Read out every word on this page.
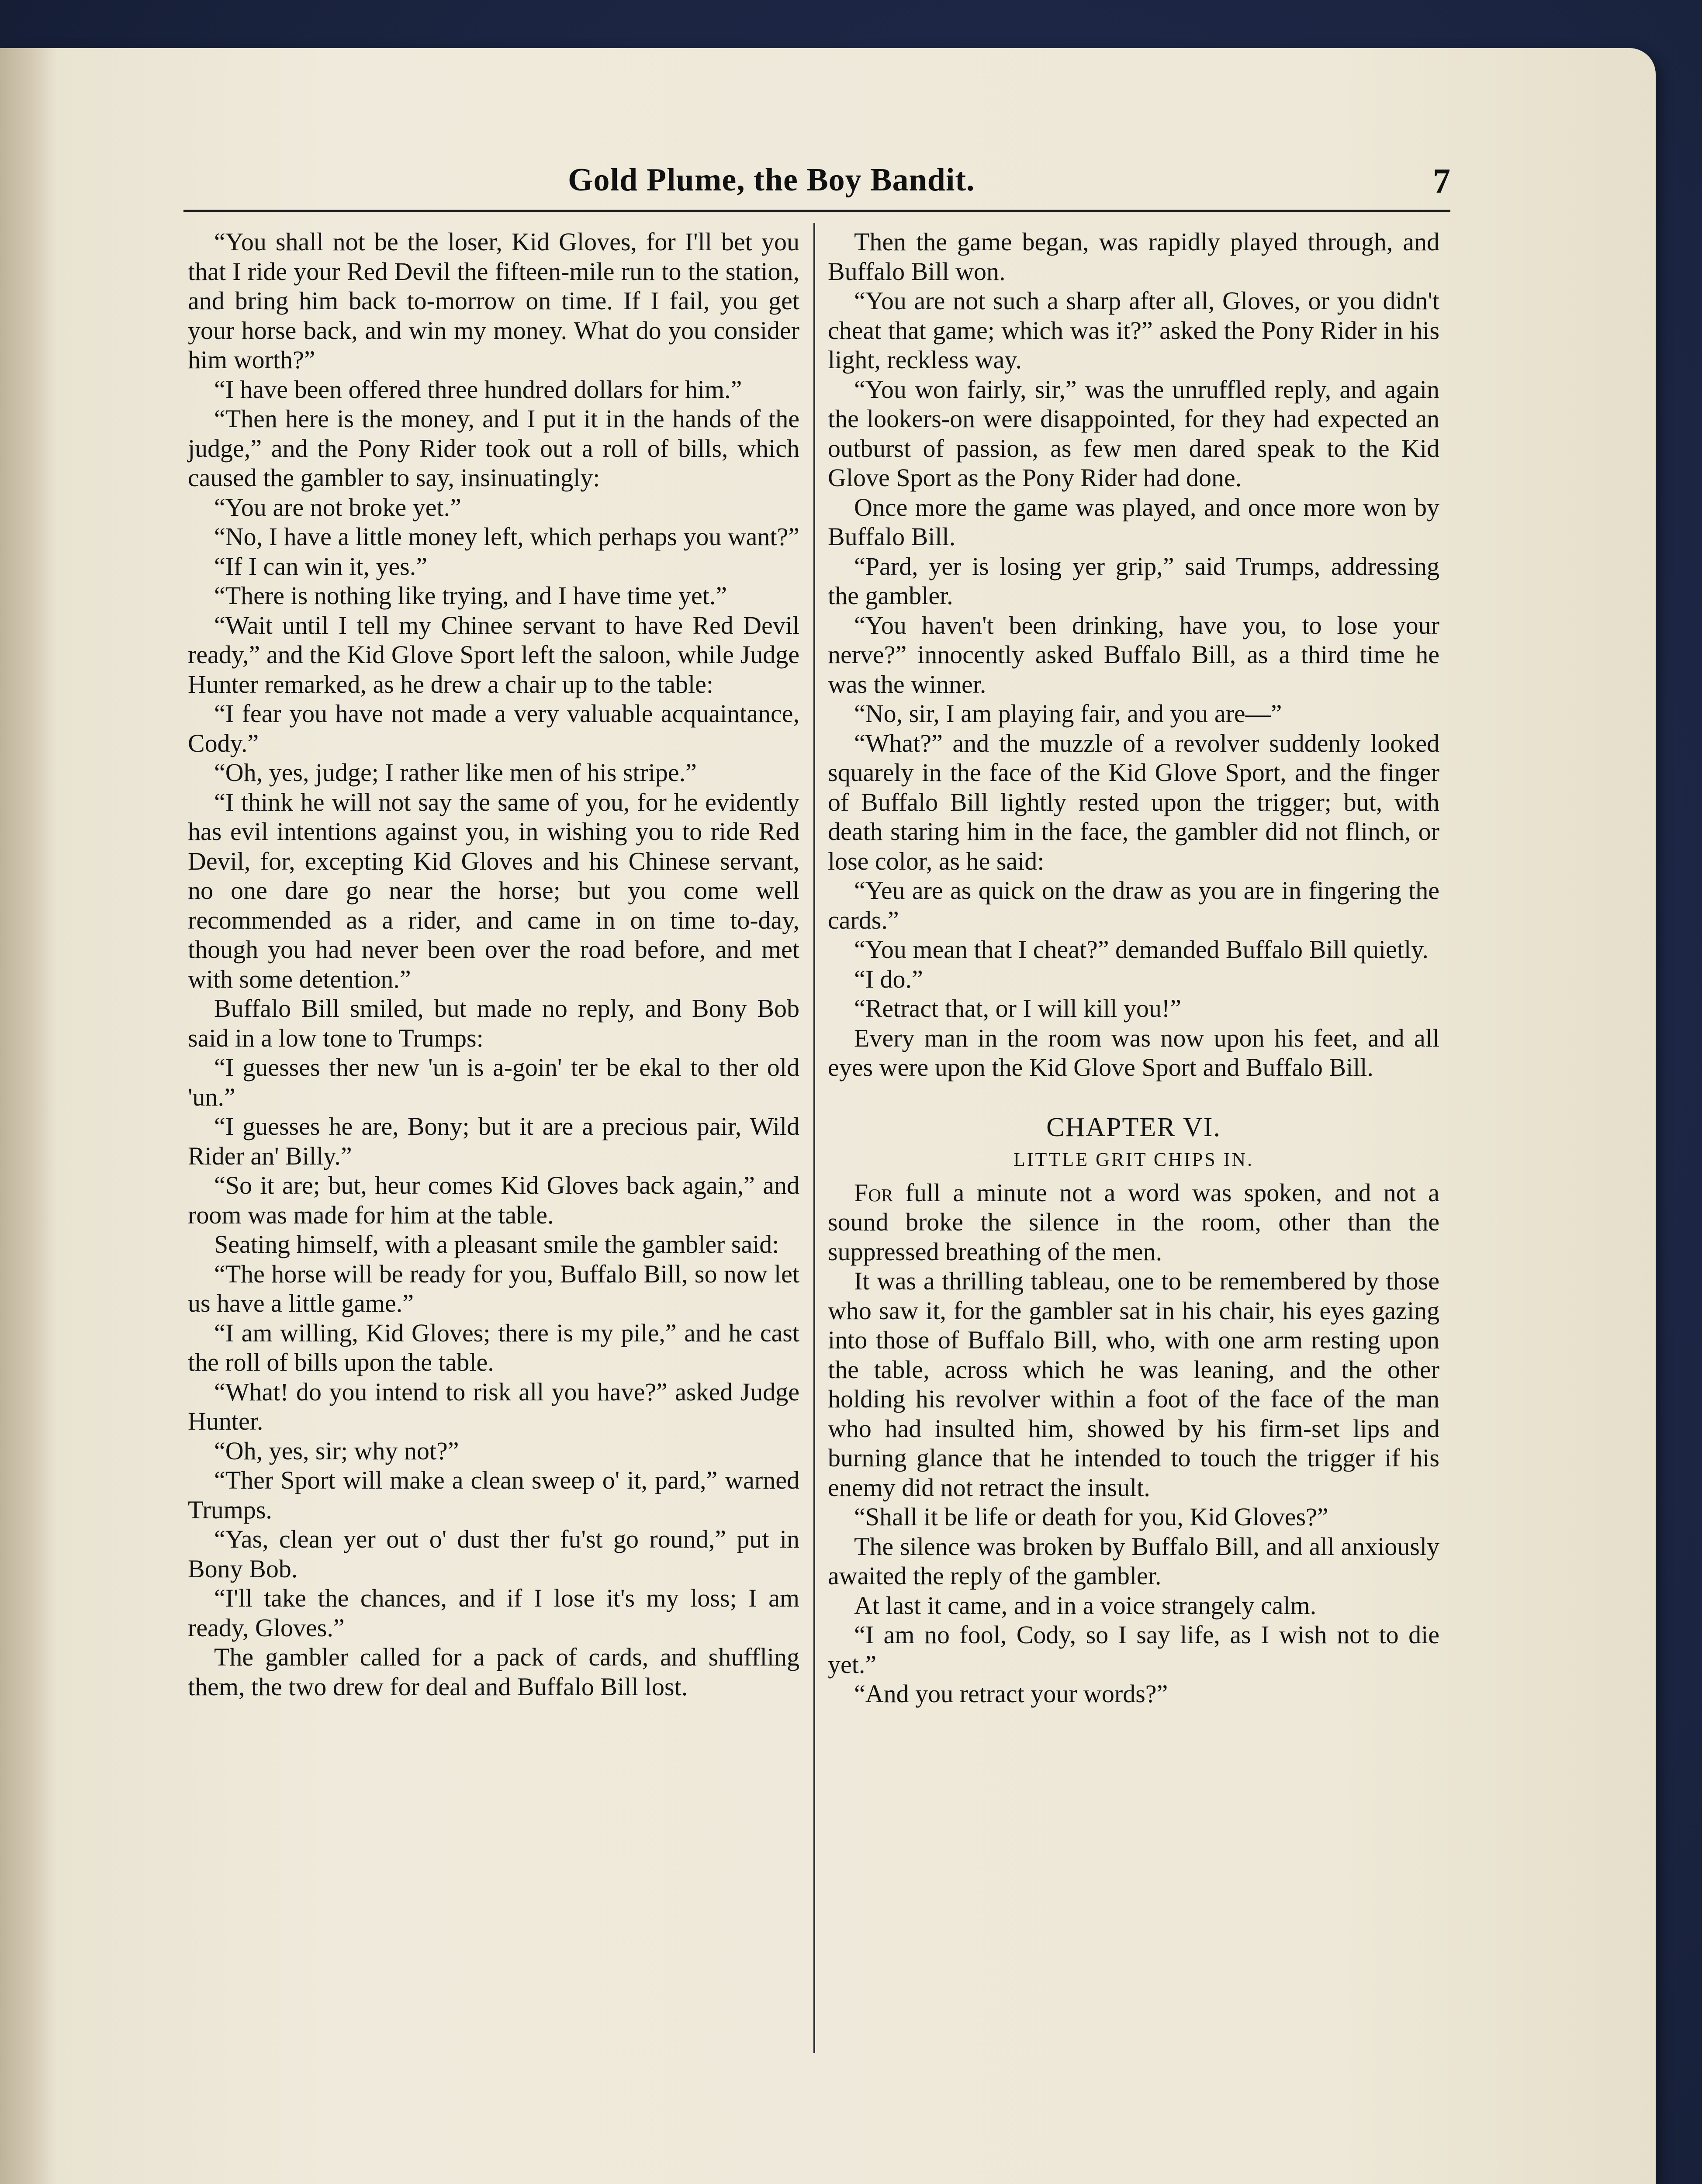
Gold Plume, the Boy Bandit.	7

“You shall not be the loser, Kid Gloves, for I'll bet you that I ride your Red Devil the fifteen-mile run to the station, and bring him back to-morrow on time. If I fail, you get your horse back, and win my money. What do you consider him worth?”

“I have been offered three hundred dollars for him.”

“Then here is the money, and I put it in the hands of the judge,” and the Pony Rider took out a roll of bills, which caused the gambler to say, insinuatingly:

“You are not broke yet.”

“No, I have a little money left, which perhaps you want?”

“If I can win it, yes.”

“There is nothing like trying, and I have time yet.”

“Wait until I tell my Chinee servant to have Red Devil ready,” and the Kid Glove Sport left the saloon, while Judge Hunter remarked, as he drew a chair up to the table:

“I fear you have not made a very valuable acquaintance, Cody.”

“Oh, yes, judge; I rather like men of his stripe.”

“I think he will not say the same of you, for he evidently has evil intentions against you, in wishing you to ride Red Devil, for, excepting Kid Gloves and his Chinese servant, no one dare go near the horse; but you come well recommended as a rider, and came in on time to-day, though you had never been over the road before, and met with some detention.”

Buffalo Bill smiled, but made no reply, and Bony Bob said in a low tone to Trumps:

“I guesses ther new 'un is a-goin' ter be ekal to ther old 'un.”

“I guesses he are, Bony; but it are a precious pair, Wild Rider an' Billy.”

“So it are; but, heur comes Kid Gloves back again,” and room was made for him at the table.

Seating himself, with a pleasant smile the gambler said:

“The horse will be ready for you, Buffalo Bill, so now let us have a little game.”

“I am willing, Kid Gloves; there is my pile,” and he cast the roll of bills upon the table.

“What! do you intend to risk all you have?” asked Judge Hunter.

“Oh, yes, sir; why not?”

“Ther Sport will make a clean sweep o' it, pard,” warned Trumps.

“Yas, clean yer out o' dust ther fu'st go round,” put in Bony Bob.

“I'll take the chances, and if I lose it's my loss; I am ready, Gloves.”

The gambler called for a pack of cards, and shuffling them, the two drew for deal and Buffalo Bill lost.

Then the game began, was rapidly played through, and Buffalo Bill won.

“You are not such a sharp after all, Gloves, or you didn't cheat that game; which was it?” asked the Pony Rider in his light, reckless way.

“You won fairly, sir,” was the unruffled reply, and again the lookers-on were disappointed, for they had expected an outburst of passion, as few men dared speak to the Kid Glove Sport as the Pony Rider had done.

Once more the game was played, and once more won by Buffalo Bill.

“Pard, yer is losing yer grip,” said Trumps, addressing the gambler.

“You haven't been drinking, have you, to lose your nerve?” innocently asked Buffalo Bill, as a third time he was the winner.

“No, sir, I am playing fair, and you are—”

“What?” and the muzzle of a revolver suddenly looked squarely in the face of the Kid Glove Sport, and the finger of Buffalo Bill lightly rested upon the trigger; but, with death staring him in the face, the gambler did not flinch, or lose color, as he said:

“Yeu are as quick on the draw as you are in fingering the cards.”

“You mean that I cheat?” demanded Buffalo Bill quietly.

“I do.”

“Retract that, or I will kill you!”

Every man in the room was now upon his feet, and all eyes were upon the Kid Glove Sport and Buffalo Bill.

CHAPTER VI.
LITTLE GRIT CHIPS IN.

For full a minute not a word was spoken, and not a sound broke the silence in the room, other than the suppressed breathing of the men.

It was a thrilling tableau, one to be remembered by those who saw it, for the gambler sat in his chair, his eyes gazing into those of Buffalo Bill, who, with one arm resting upon the table, across which he was leaning, and the other holding his revolver within a foot of the face of the man who had insulted him, showed by his firm-set lips and burning glance that he intended to touch the trigger if his enemy did not retract the insult.

“Shall it be life or death for you, Kid Gloves?”

The silence was broken by Buffalo Bill, and all anxiously awaited the reply of the gambler.

At last it came, and in a voice strangely calm.

“I am no fool, Cody, so I say life, as I wish not to die yet.”

“And you retract your words?”
